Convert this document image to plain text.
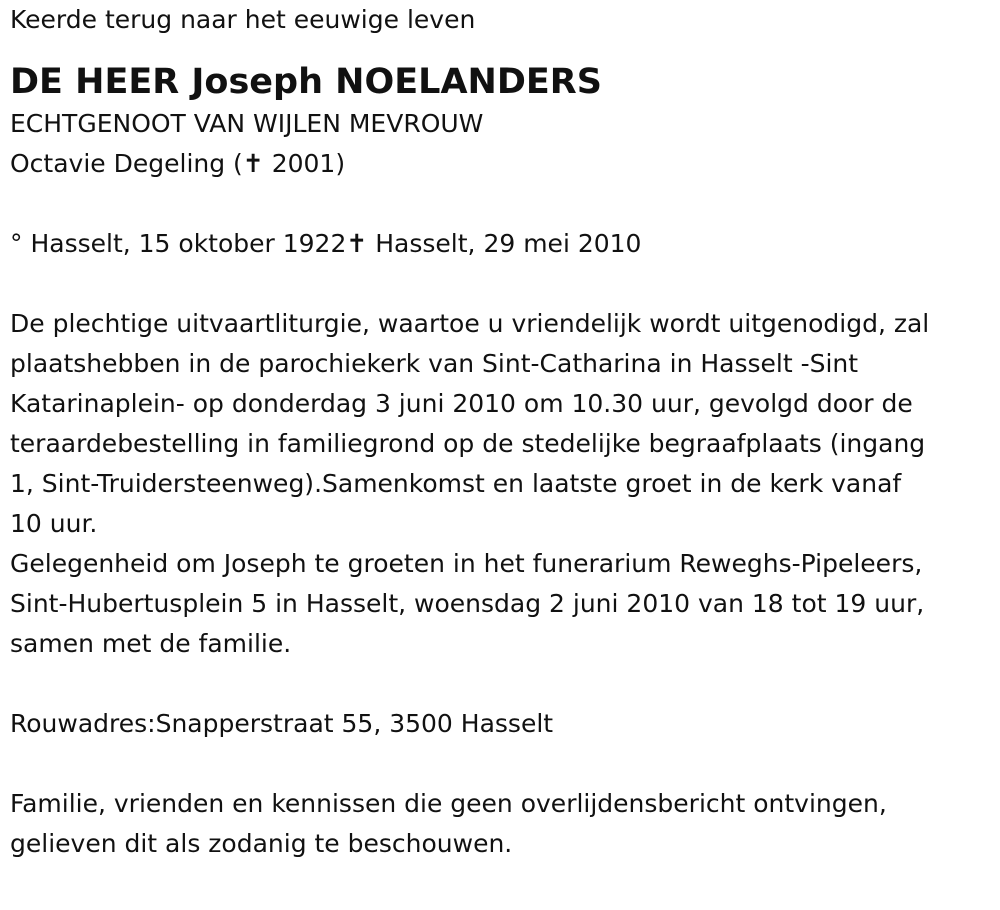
Keerde terug naar het eeuwige leven
DE HEER Joseph NOELANDERS
ECHTGENOOT VAN WIJLEN MEVROUW
Octavie Degeling (✝ 2001)
° Hasselt, 15 oktober 1922✝ Hasselt, 29 mei 2010
De plechtige uitvaartliturgie, waartoe u vriendelijk wordt uitgenodigd, zal
plaatshebben in de parochiekerk van Sint-Catharina in Hasselt -Sint
Katarinaplein- op donderdag 3 juni 2010 om 10.30 uur, gevolgd door de
teraardebestelling in familiegrond op de stedelijke begraafplaats (ingang
1, Sint-Truidersteenweg).Samenkomst en laatste groet in de kerk vanaf
10 uur.
Gelegenheid om Joseph te groeten in het funerarium Reweghs-Pipeleers,
Sint-Hubertusplein 5 in Hasselt, woensdag 2 juni 2010 van 18 tot 19 uur,
samen met de familie.
Rouwadres:Snapperstraat 55, 3500 Hasselt
Familie, vrienden en kennissen die geen overlijdensbericht ontvingen,
gelieven dit als zodanig te beschouwen.
